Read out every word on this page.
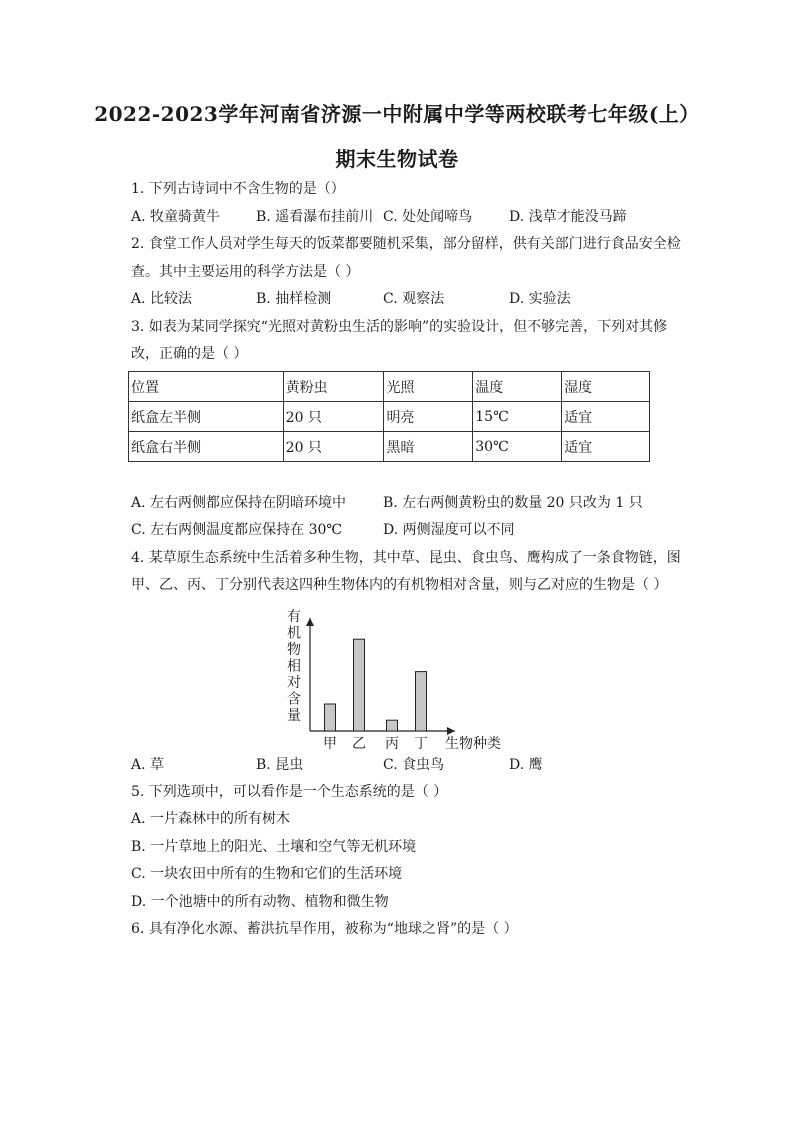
2022-2023学年河南省济源一中附属中学等两校联考七年级(上）
期末生物试卷
1. 下列古诗词中不含生物的是（）
A. 牧童骑黄牛	B. 遥看瀑布挂前川 C. 处处闻啼鸟	D. 浅草才能没马蹄
2. 食堂工作人员对学生每天的饭菜都要随机采集，部分留样，供有关部门进行食品安全检
查。其中主要运用的科学方法是（ ）
A. 比较法	B. 抽样检测	C. 观察法	D. 实验法
3. 如表为某同学探究“光照对黄粉虫生活的影响”的实验设计，但不够完善，下列对其修
改，正确的是（ ）
位置	黄粉虫	光照	温度	湿度
纸盒左半侧	20 只	明亮	15℃	适宜
纸盒右半侧	20 只	黑暗	30℃	适宜
A. 左右两侧都应保持在阴暗环境中	B. 左右两侧黄粉虫的数量 20 只改为 1 只
C. 左右两侧温度都应保持在 30℃	D. 两侧湿度可以不同
4. 某草原生态系统中生活着多种生物，其中草、昆虫、食虫鸟、鹰构成了一条食物链，图
甲、乙、丙、丁分别代表这四种生物体内的有机物相对含量，则与乙对应的生物是（ ）
有
机
物
相
对
含
量
甲 乙 丙 丁 生物种类
A. 草	B. 昆虫	C. 食虫鸟	D. 鹰
5. 下列选项中，可以看作是一个生态系统的是（ ）
A. 一片森林中的所有树木
B. 一片草地上的阳光、土壤和空气等无机环境
C. 一块农田中所有的生物和它们的生活环境
D. 一个池塘中的所有动物、植物和微生物
6. 具有净化水源、蓄洪抗旱作用，被称为“地球之肾”的是（ ）
